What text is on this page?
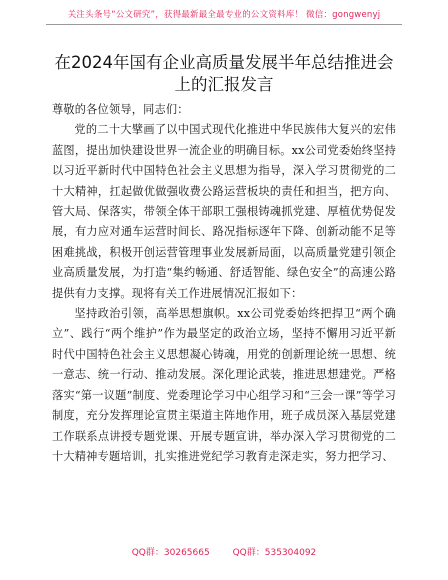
关注头条号“公文研究”，获得最新最全最专业的公文资料库！ 微信：gongwenyj
在2024年国有企业高质量发展半年总结推进会
上的汇报发言

尊敬的各位领导，同志们：

党的二十大擘画了以中国式现代化推进中华民族伟大复兴的宏伟蓝图，提出加快建设世界一流企业的明确目标。xx公司党委始终坚持以习近平新时代中国特色社会主义思想为指导，深入学习贯彻党的二十大精神，扛起做优做强收费公路运营板块的责任和担当，把方向、管大局、保落实，带领全体干部职工强根铸魂抓党建、厚植优势促发展，有力应对通车运营时间长、路况指标逐年下降、创新动能不足等困难挑战，积极开创运营管理事业发展新局面，以高质量党建引领企业高质量发展，为打造“集约畅通、舒适智能、绿色安全”的高速公路提供有力支撑。现将有关工作进展情况汇报如下：

坚持政治引领，高举思想旗帜。xx公司党委始终把捍卫“两个确立”、践行“两个维护”作为最坚定的政治立场，坚持不懈用习近平新时代中国特色社会主义思想凝心铸魂，用党的创新理论统一思想、统一意志、统一行动、推动发展。深化理论武装，推进思想建党。严格落实“第一议题”制度、党委理论学习中心组学习和“三会一课”等学习制度，充分发挥理论宣贯主渠道主阵地作用，班子成员深入基层党建工作联系点讲授专题党课、开展专题宣讲，举办深入学习贯彻党的二十大精神专题培训，扎实推进党纪学习教育走深走实，努力把学习、

QQ群：30265665	QQ群：535304092
